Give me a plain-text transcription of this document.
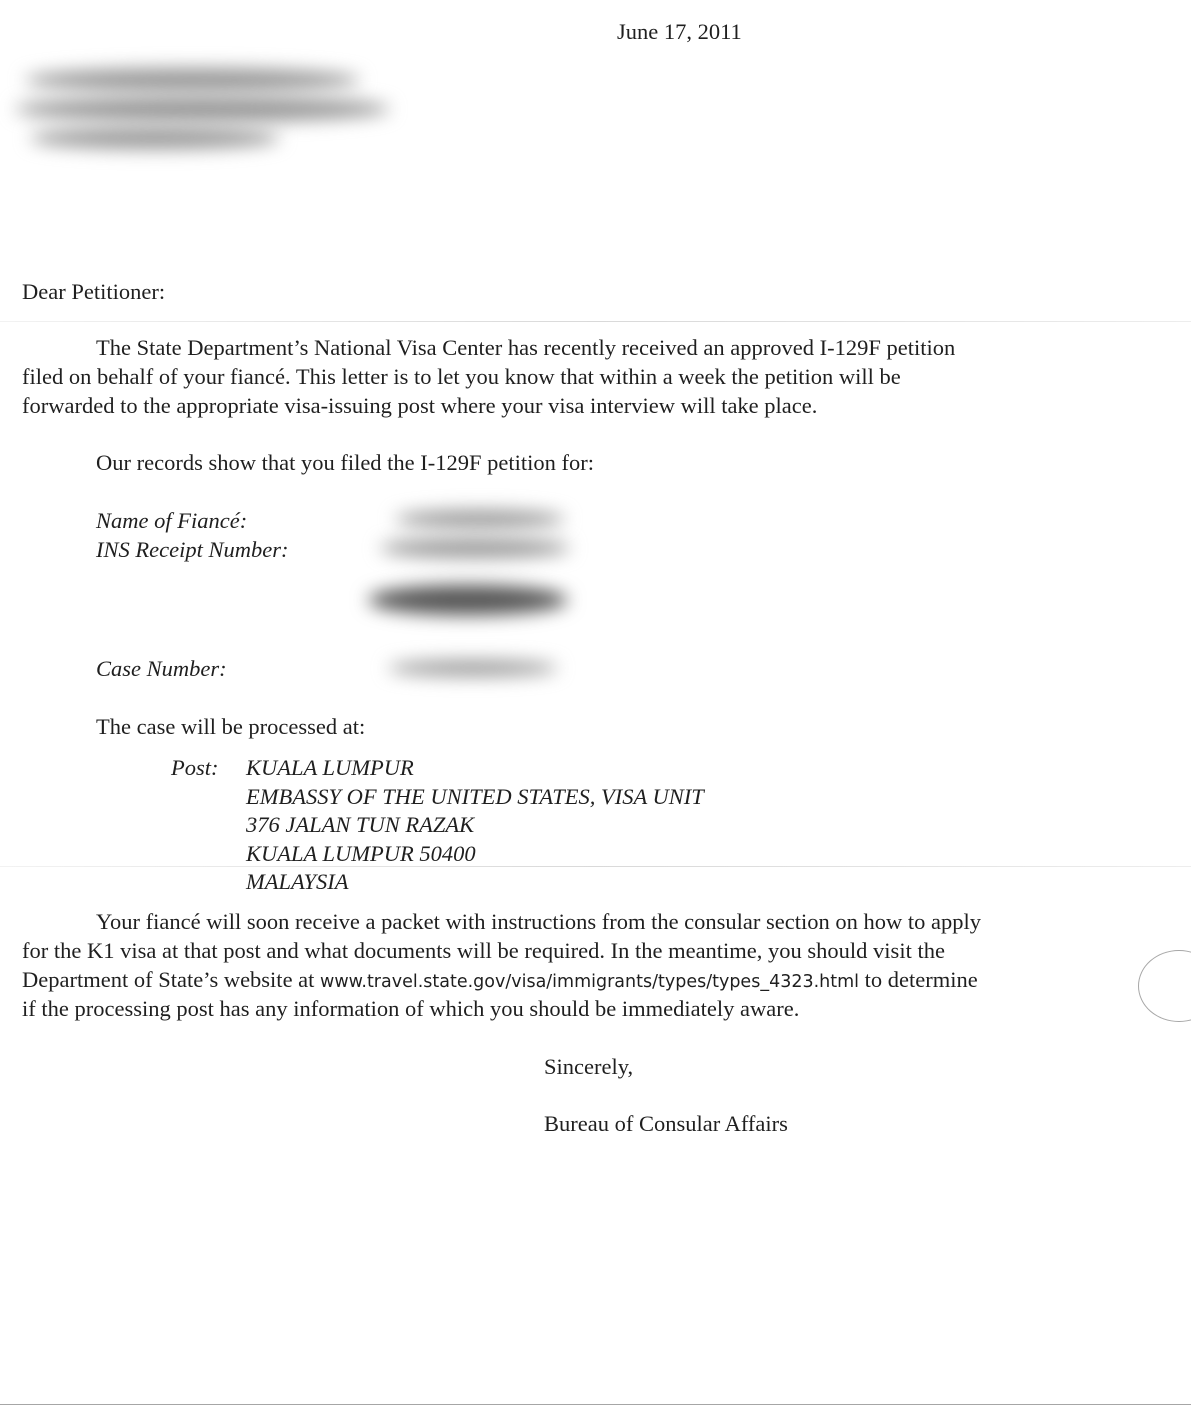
June 17, 2011
Dear Petitioner:
The State Department’s National Visa Center has recently received an approved I-129F petition
filed on behalf of your fiancé. This letter is to let you know that within a week the petition will be
forwarded to the appropriate visa-issuing post where your visa interview will take place.
Our records show that you filed the I-129F petition for:
Name of Fiancé:
INS Receipt Number:
Case Number:
The case will be processed at:
Post: KUALA LUMPUR
EMBASSY OF THE UNITED STATES, VISA UNIT
376 JALAN TUN RAZAK
KUALA LUMPUR 50400
MALAYSIA
Your fiancé will soon receive a packet with instructions from the consular section on how to apply
for the K1 visa at that post and what documents will be required. In the meantime, you should visit the
Department of State’s website at www.travel.state.gov/visa/immigrants/types/types_4323.html to determine
if the processing post has any information of which you should be immediately aware.
Sincerely,
Bureau of Consular Affairs
